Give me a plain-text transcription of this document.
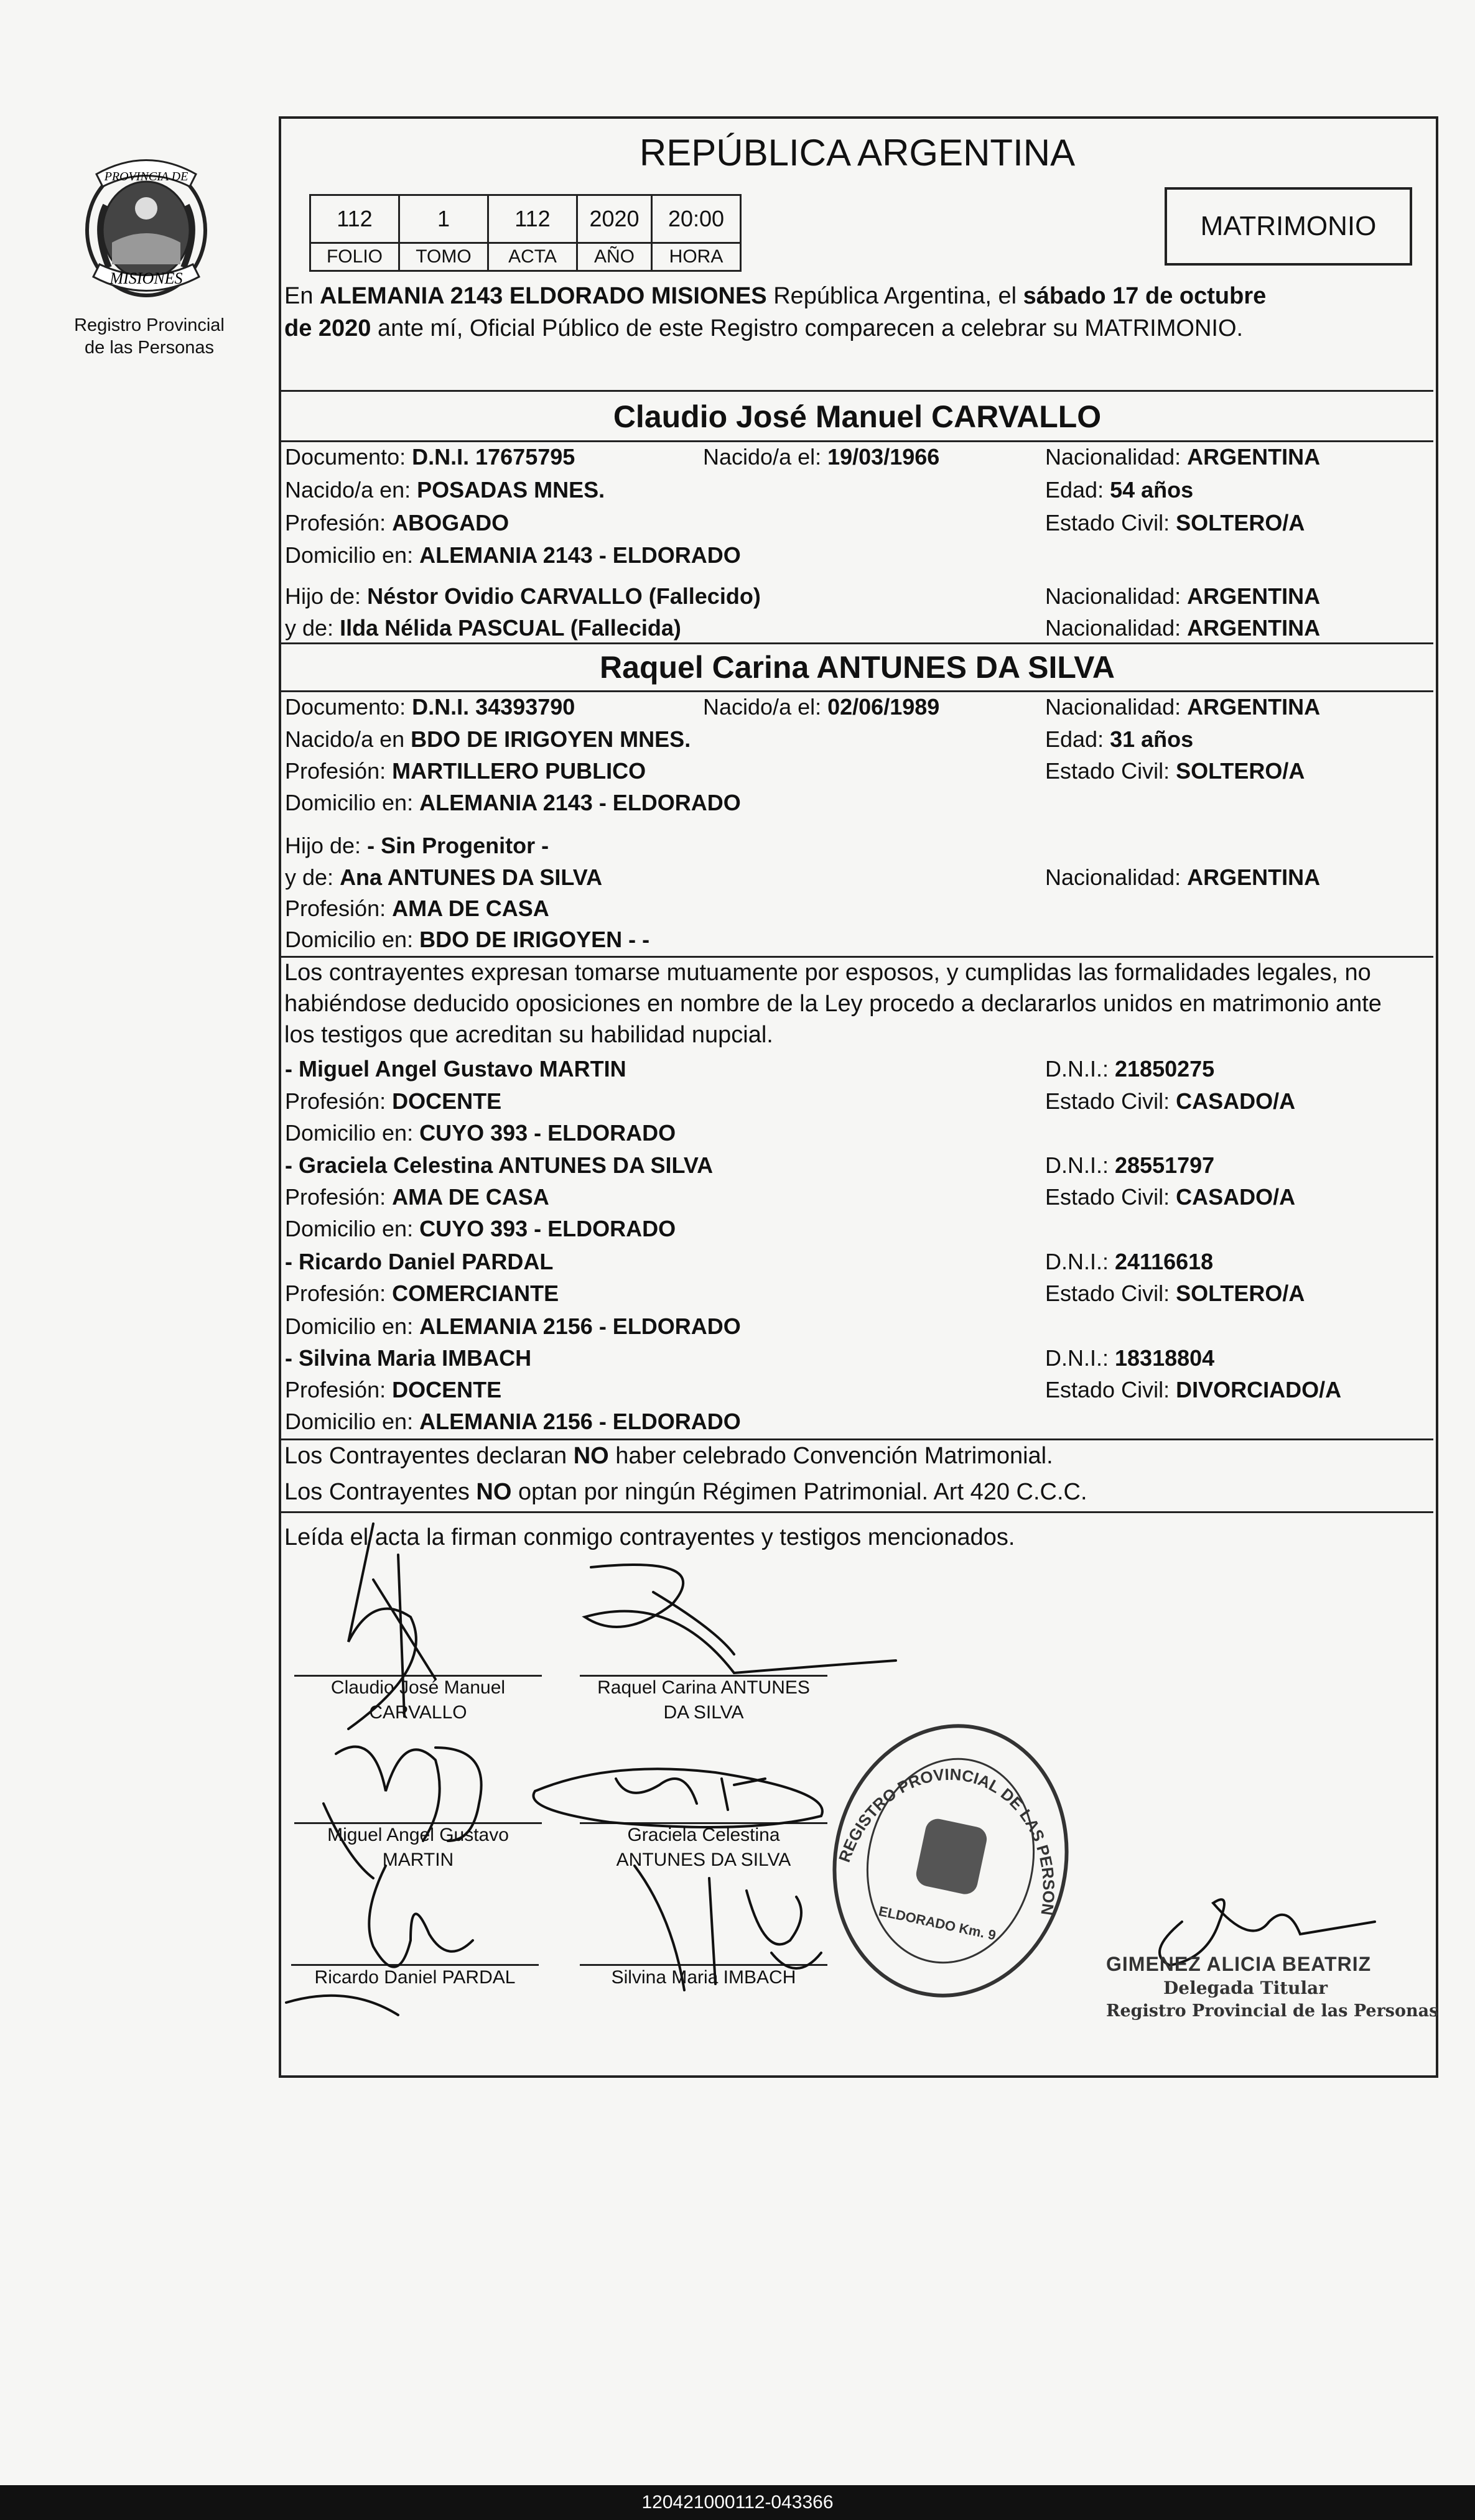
PROVINCIA DE
MISIONES
Registro Provincial
de las Personas
REPÚBLICA ARGENTINA
112	1	112	2020	20:00
FOLIO	TOMO	ACTA	AÑO	HORA
MATRIMONIO
En ALEMANIA 2143 ELDORADO MISIONES República Argentina, el sábado 17 de octubre
de 2020 ante mí, Oficial Público de este Registro comparecen a celebrar su MATRIMONIO.
Claudio José Manuel CARVALLO
Documento: D.N.I. 17675795	Nacido/a el: 19/03/1966	Nacionalidad: ARGENTINA
Nacido/a en: POSADAS MNES.	Edad: 54 años
Profesión: ABOGADO	Estado Civil: SOLTERO/A
Domicilio en: ALEMANIA 2143 - ELDORADO
Hijo de: Néstor Ovidio CARVALLO (Fallecido)	Nacionalidad: ARGENTINA
y de: Ilda Nélida PASCUAL (Fallecida)	Nacionalidad: ARGENTINA
Raquel Carina ANTUNES DA SILVA
Documento: D.N.I. 34393790	Nacido/a el: 02/06/1989	Nacionalidad: ARGENTINA
Nacido/a en BDO DE IRIGOYEN MNES.	Edad: 31 años
Profesión: MARTILLERO PUBLICO	Estado Civil: SOLTERO/A
Domicilio en: ALEMANIA 2143 - ELDORADO
Hijo de: - Sin Progenitor -
y de: Ana ANTUNES DA SILVA	Nacionalidad: ARGENTINA
Profesión: AMA DE CASA
Domicilio en: BDO DE IRIGOYEN - -
Los contrayentes expresan tomarse mutuamente por esposos, y cumplidas las formalidades legales, no
habiéndose deducido oposiciones en nombre de la Ley procedo a declararlos unidos en matrimonio ante
los testigos que acreditan su habilidad nupcial.
- Miguel Angel Gustavo MARTIN	D.N.I.: 21850275
Profesión: DOCENTE	Estado Civil: CASADO/A
Domicilio en: CUYO 393 - ELDORADO
- Graciela Celestina ANTUNES DA SILVA	D.N.I.: 28551797
Profesión: AMA DE CASA	Estado Civil: CASADO/A
Domicilio en: CUYO 393 - ELDORADO
- Ricardo Daniel PARDAL	D.N.I.: 24116618
Profesión: COMERCIANTE	Estado Civil: SOLTERO/A
Domicilio en: ALEMANIA 2156 - ELDORADO
- Silvina Maria IMBACH	D.N.I.: 18318804
Profesión: DOCENTE	Estado Civil: DIVORCIADO/A
Domicilio en: ALEMANIA 2156 - ELDORADO
Los Contrayentes declaran NO haber celebrado Convención Matrimonial.
Los Contrayentes NO optan por ningún Régimen Patrimonial. Art 420 C.C.C.
Leída el acta la firman conmigo contrayentes y testigos mencionados.
Claudio José Manuel
CARVALLO
Raquel Carina ANTUNES
DA SILVA
Miguel Angel Gustavo
MARTIN
Graciela Celestina
ANTUNES DA SILVA
Ricardo Daniel PARDAL	Silvina Maria IMBACH
REGISTRO PROVINCIAL DE LAS PERSONAS
ELDORADO Km. 9
GIMENEZ ALICIA BEATRIZ
Delegada Titular
Registro Provincial de las Personas
120421000112-043366
